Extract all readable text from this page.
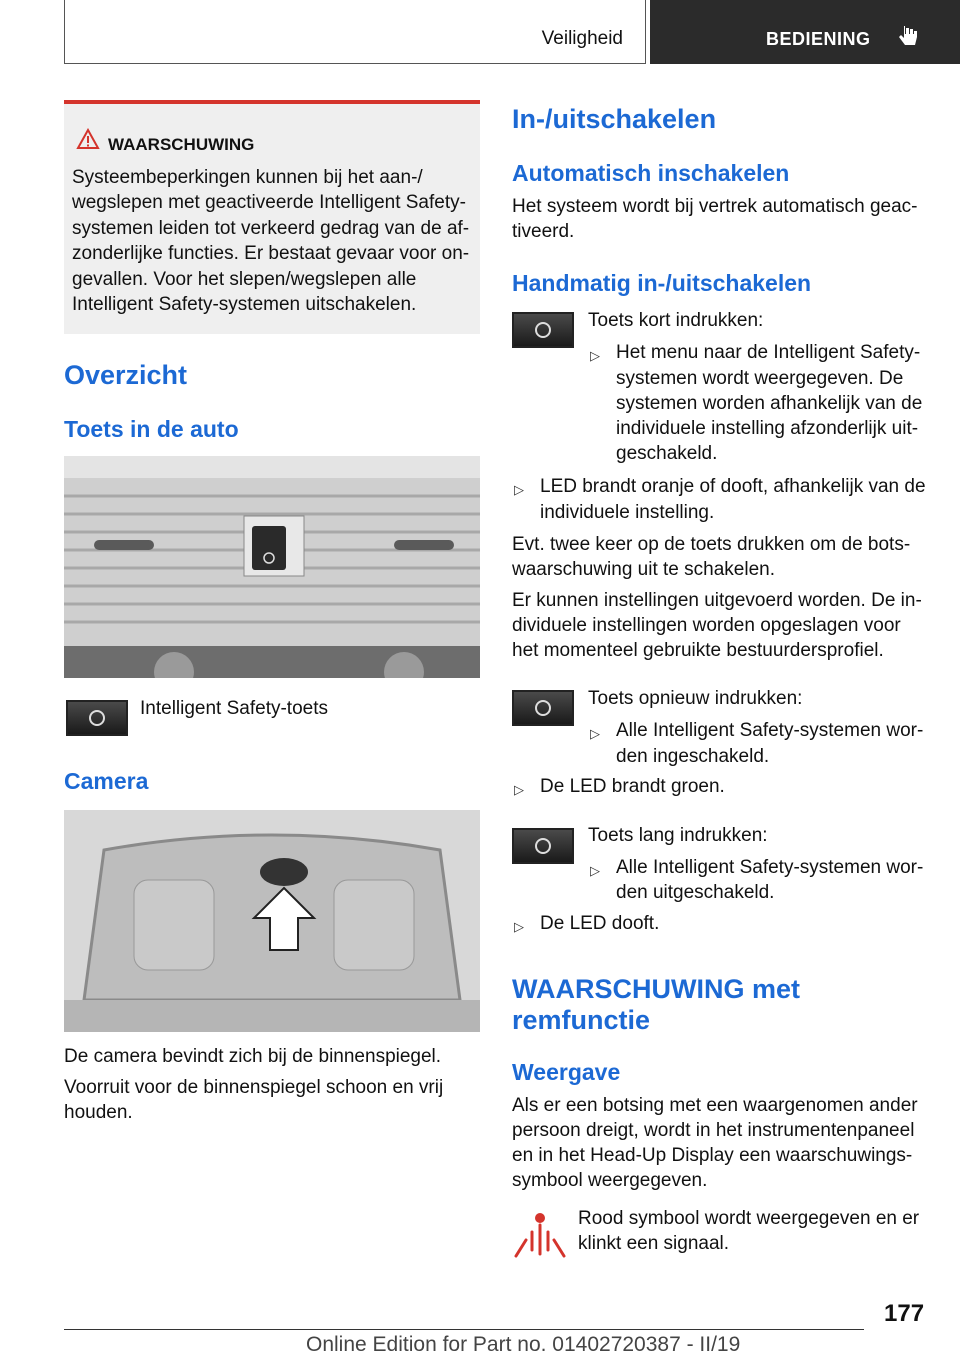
Veiligheid	BEDIENING
WAARSCHUWING

Systeembeperkingen kunnen bij het aan-/

wegslepen met geactiveerde Intelligent Safety-

systemen leiden tot verkeerd gedrag van de af-

zonderlijke functies. Er bestaat gevaar voor on-

gevallen. Voor het slepen/wegslepen alle

Intelligent Safety-systemen uitschakelen.

Overzicht
Toets in de auto

Intelligent Safety-toets

Camera

De camera bevindt zich bij de binnenspiegel.

Voorruit voor de binnenspiegel schoon en vrij

houden.

In-/uitschakelen
Automatisch inschakelen

Het systeem wordt bij vertrek automatisch geac-

tiveerd.

Handmatig in-/uitschakelen

Toets kort indrukken:

▷ Het menu naar de Intelligent Safety-

systemen wordt weergegeven. De

systemen worden afhankelijk van de

individuele instelling afzonderlijk uit-

geschakeld.

▷ LED brandt oranje of dooft, afhankelijk van de

individuele instelling.

Evt. twee keer op de toets drukken om de bots-

waarschuwing uit te schakelen.

Er kunnen instellingen uitgevoerd worden. De in-

dividuele instellingen worden opgeslagen voor

het momenteel gebruikte bestuurdersprofiel.

Toets opnieuw indrukken:

▷ Alle Intelligent Safety-systemen wor-

den ingeschakeld.

▷ De LED brandt groen.

Toets lang indrukken:

▷ Alle Intelligent Safety-systemen wor-

den uitgeschakeld.

▷ De LED dooft.

WAARSCHUWING met
remfunctie
Weergave

Als er een botsing met een waargenomen ander

persoon dreigt, wordt in het instrumentenpaneel

en in het Head-Up Display een waarschuwings-

symbool weergegeven.

Rood symbool wordt weergegeven en er

klinkt een signaal.

177
Online Edition for Part no. 01402720387 - II/19
